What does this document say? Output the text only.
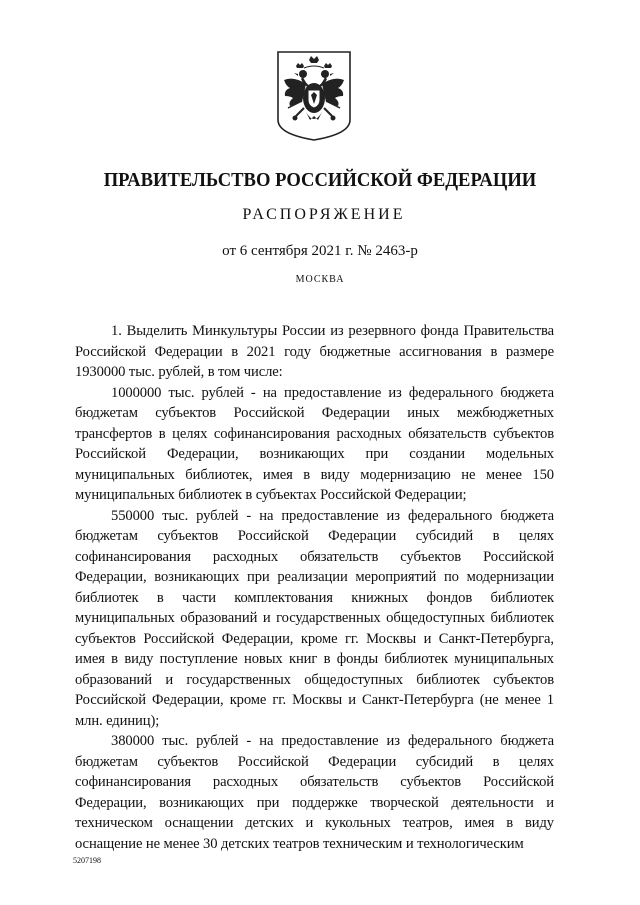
ПРАВИТЕЛЬСТВО РОССИЙСКОЙ ФЕДЕРАЦИИ
РАСПОРЯЖЕНИЕ
от 6 сентября 2021 г. № 2463-р
МОСКВА

1. Выделить Минкультуры России из резервного фонда Правительства Российской Федерации в 2021 году бюджетные ассигнования в размере 1930000 тыс. рублей, в том числе:

1000000 тыс. рублей - на предоставление из федерального бюджета бюджетам субъектов Российской Федерации иных межбюджетных трансфертов в целях софинансирования расходных обязательств субъектов Российской Федерации, возникающих при создании модельных муниципальных библиотек, имея в виду модернизацию не менее 150 муниципальных библиотек в субъектах Российской Федерации;

550000 тыс. рублей - на предоставление из федерального бюджета бюджетам субъектов Российской Федерации субсидий в целях софинансирования расходных обязательств субъектов Российской Федерации, возникающих при реализации мероприятий по модернизации библиотек в части комплектования книжных фондов библиотек муниципальных образований и государственных общедоступных библиотек субъектов Российской Федерации, кроме гг. Москвы и Санкт-Петербурга, имея в виду поступление новых книг в фонды библиотек муниципальных образований и государственных общедоступных библиотек субъектов Российской Федерации, кроме гг. Москвы и Санкт-Петербурга (не менее 1 млн. единиц);

380000 тыс. рублей - на предоставление из федерального бюджета бюджетам субъектов Российской Федерации субсидий в целях софинансирования расходных обязательств субъектов Российской Федерации, возникающих при поддержке творческой деятельности и техническом оснащении детских и кукольных театров, имея в виду оснащение не менее 30 детских театров техническим и технологическим

5207198
